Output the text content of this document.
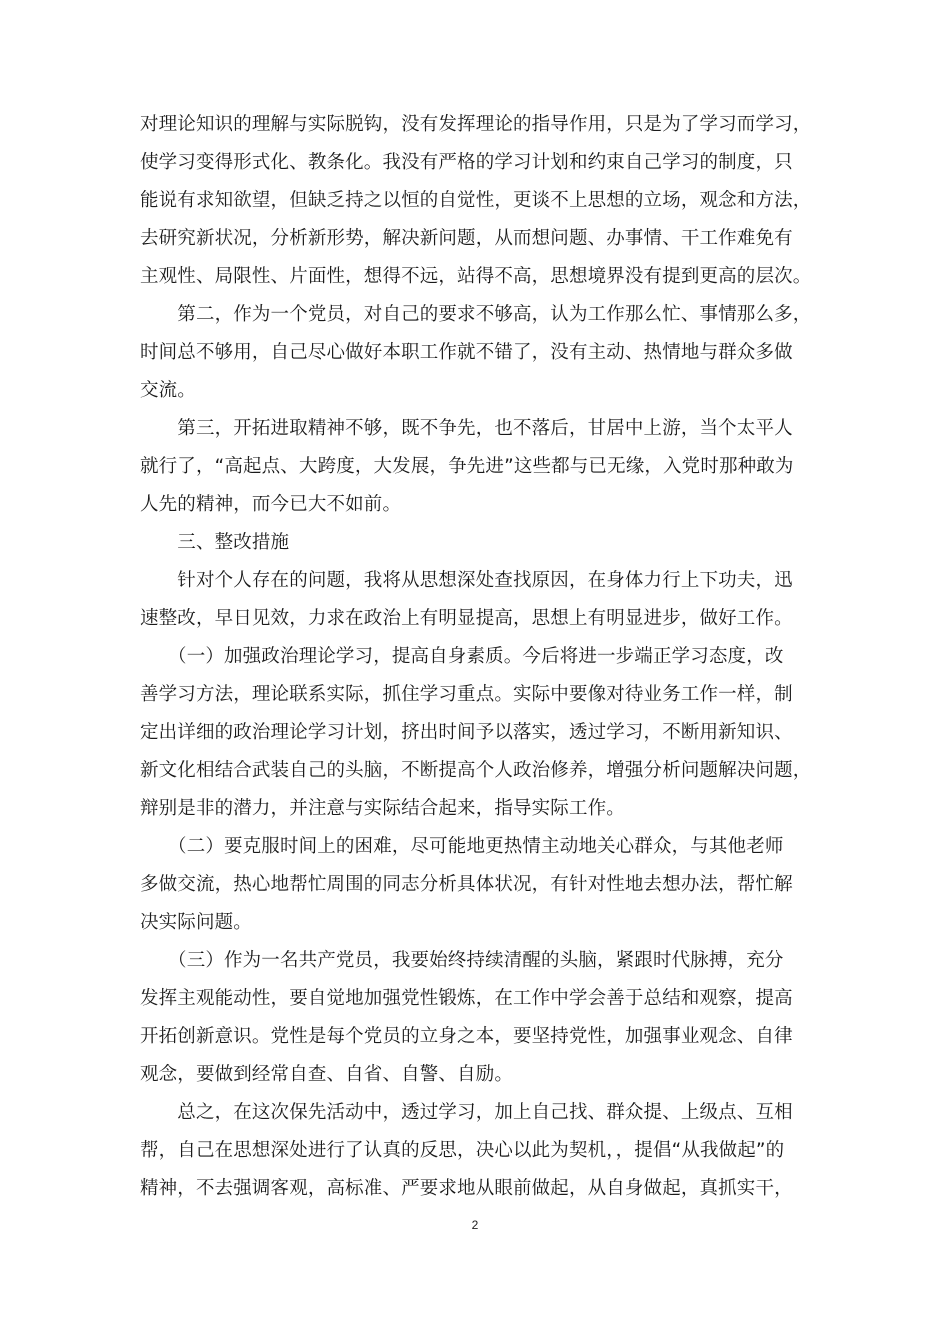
对理论知识的理解与实际脱钩，没有发挥理论的指导作用，只是为了学习而学习，
使学习变得形式化、教条化。我没有严格的学习计划和约束自己学习的制度，只
能说有求知欲望，但缺乏持之以恒的自觉性，更谈不上思想的立场，观念和方法，
去研究新状况，分析新形势，解决新问题，从而想问题、办事情、干工作难免有
主观性、局限性、片面性，想得不远，站得不高，思想境界没有提到更高的层次。
　　第二，作为一个党员，对自己的要求不够高，认为工作那么忙、事情那么多，
时间总不够用，自己尽心做好本职工作就不错了，没有主动、热情地与群众多做
交流。
　　第三，开拓进取精神不够，既不争先，也不落后，甘居中上游，当个太平人
就行了，“高起点、大跨度，大发展，争先进”这些都与已无缘，入党时那种敢为
人先的精神，而今已大不如前。
　　三、整改措施
　　针对个人存在的问题，我将从思想深处查找原因，在身体力行上下功夫，迅
速整改，早日见效，力求在政治上有明显提高，思想上有明显进步，做好工作。
　　（一）加强政治理论学习，提高自身素质。今后将进一步端正学习态度，改
善学习方法，理论联系实际，抓住学习重点。实际中要像对待业务工作一样，制
定出详细的政治理论学习计划，挤出时间予以落实，透过学习，不断用新知识、
新文化相结合武装自己的头脑，不断提高个人政治修养，增强分析问题解决问题，
辩别是非的潜力，并注意与实际结合起来，指导实际工作。
　　（二）要克服时间上的困难，尽可能地更热情主动地关心群众，与其他老师
多做交流，热心地帮忙周围的同志分析具体状况，有针对性地去想办法，帮忙解
决实际问题。
　　（三）作为一名共产党员，我要始终持续清醒的头脑，紧跟时代脉搏，充分
发挥主观能动性，要自觉地加强党性锻炼，在工作中学会善于总结和观察，提高
开拓创新意识。党性是每个党员的立身之本，要坚持党性，加强事业观念、自律
观念，要做到经常自查、自省、自警、自励。
　　总之，在这次保先活动中，透过学习，加上自己找、群众提、上级点、互相
帮，自己在思想深处进行了认真的反思，决心以此为契机，，提倡“从我做起”的
精神，不去强调客观，高标准、严要求地从眼前做起，从自身做起，真抓实干，

2
